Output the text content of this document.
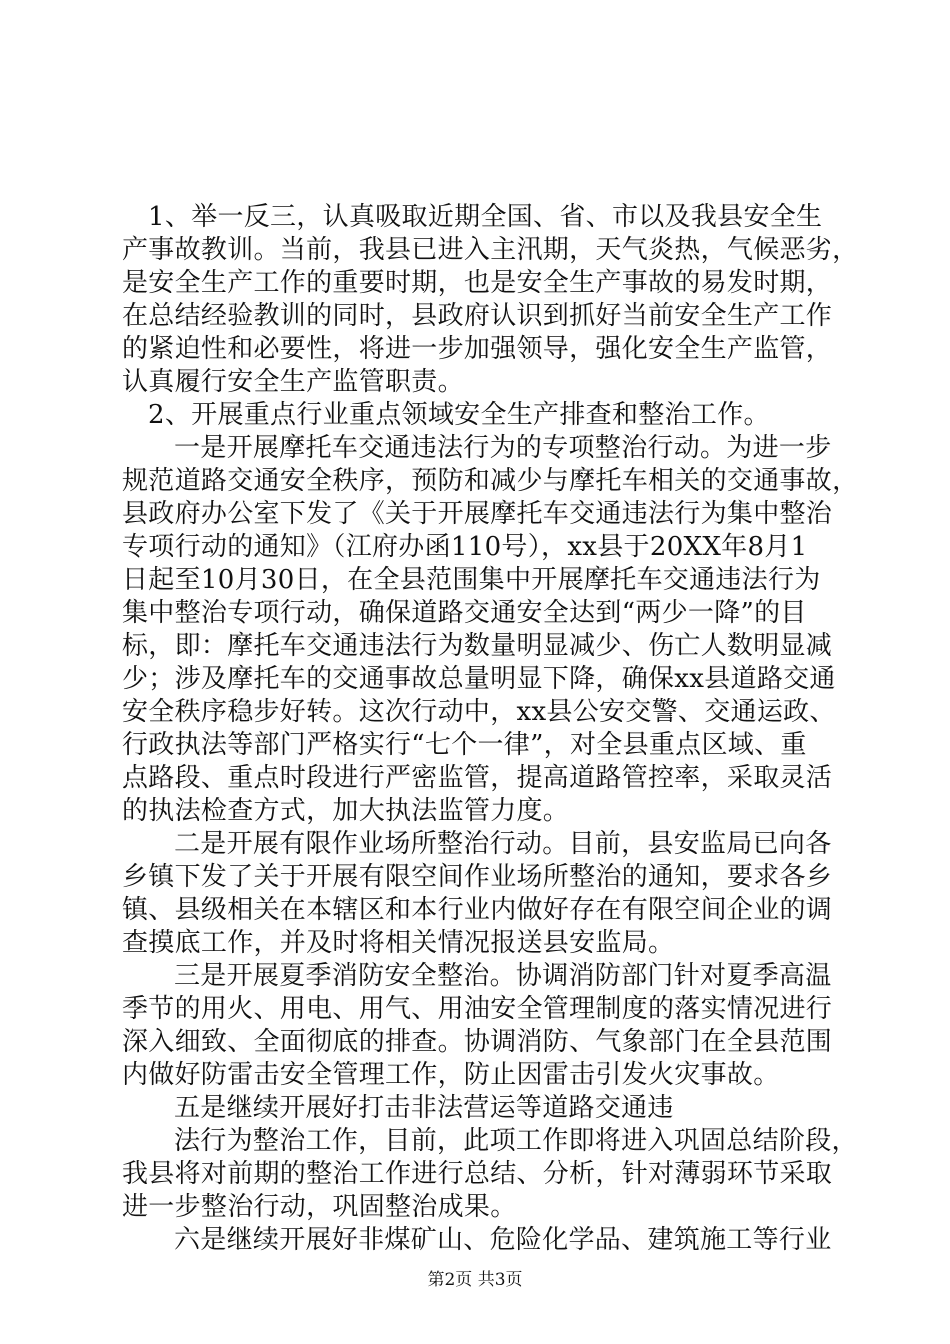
1、举一反三，认真吸取近期全国、省、市以及我县安全生
产事故教训。当前，我县已进入主汛期，天气炎热，气候恶劣，
是安全生产工作的重要时期，也是安全生产事故的易发时期，
在总结经验教训的同时，县政府认识到抓好当前安全生产工作
的紧迫性和必要性，将进一步加强领导，强化安全生产监管，
认真履行安全生产监管职责。
2、开展重点行业重点领域安全生产排查和整治工作。
一是开展摩托车交通违法行为的专项整治行动。为进一步
规范道路交通安全秩序，预防和减少与摩托车相关的交通事故，
县政府办公室下发了《关于开展摩托车交通违法行为集中整治
专项行动的通知》（江府办函110号），xx县于20XX年8月1
日起至10月30日，在全县范围集中开展摩托车交通违法行为
集中整治专项行动，确保道路交通安全达到“两少一降”的目
标，即：摩托车交通违法行为数量明显减少、伤亡人数明显减
少；涉及摩托车的交通事故总量明显下降，确保xx县道路交通
安全秩序稳步好转。这次行动中，xx县公安交警、交通运政、
行政执法等部门严格实行“七个一律”，对全县重点区域、重
点路段、重点时段进行严密监管，提高道路管控率，采取灵活
的执法检查方式，加大执法监管力度。
二是开展有限作业场所整治行动。目前，县安监局已向各
乡镇下发了关于开展有限空间作业场所整治的通知，要求各乡
镇、县级相关在本辖区和本行业内做好存在有限空间企业的调
查摸底工作，并及时将相关情况报送县安监局。
三是开展夏季消防安全整治。协调消防部门针对夏季高温
季节的用火、用电、用气、用油安全管理制度的落实情况进行
深入细致、全面彻底的排查。协调消防、气象部门在全县范围
内做好防雷击安全管理工作，防止因雷击引发火灾事故。
五是继续开展好打击非法营运等道路交通违
法行为整治工作，目前，此项工作即将进入巩固总结阶段，
我县将对前期的整治工作进行总结、分析，针对薄弱环节采取
进一步整治行动，巩固整治成果。
六是继续开展好非煤矿山、危险化学品、建筑施工等行业
第2页 共3页
